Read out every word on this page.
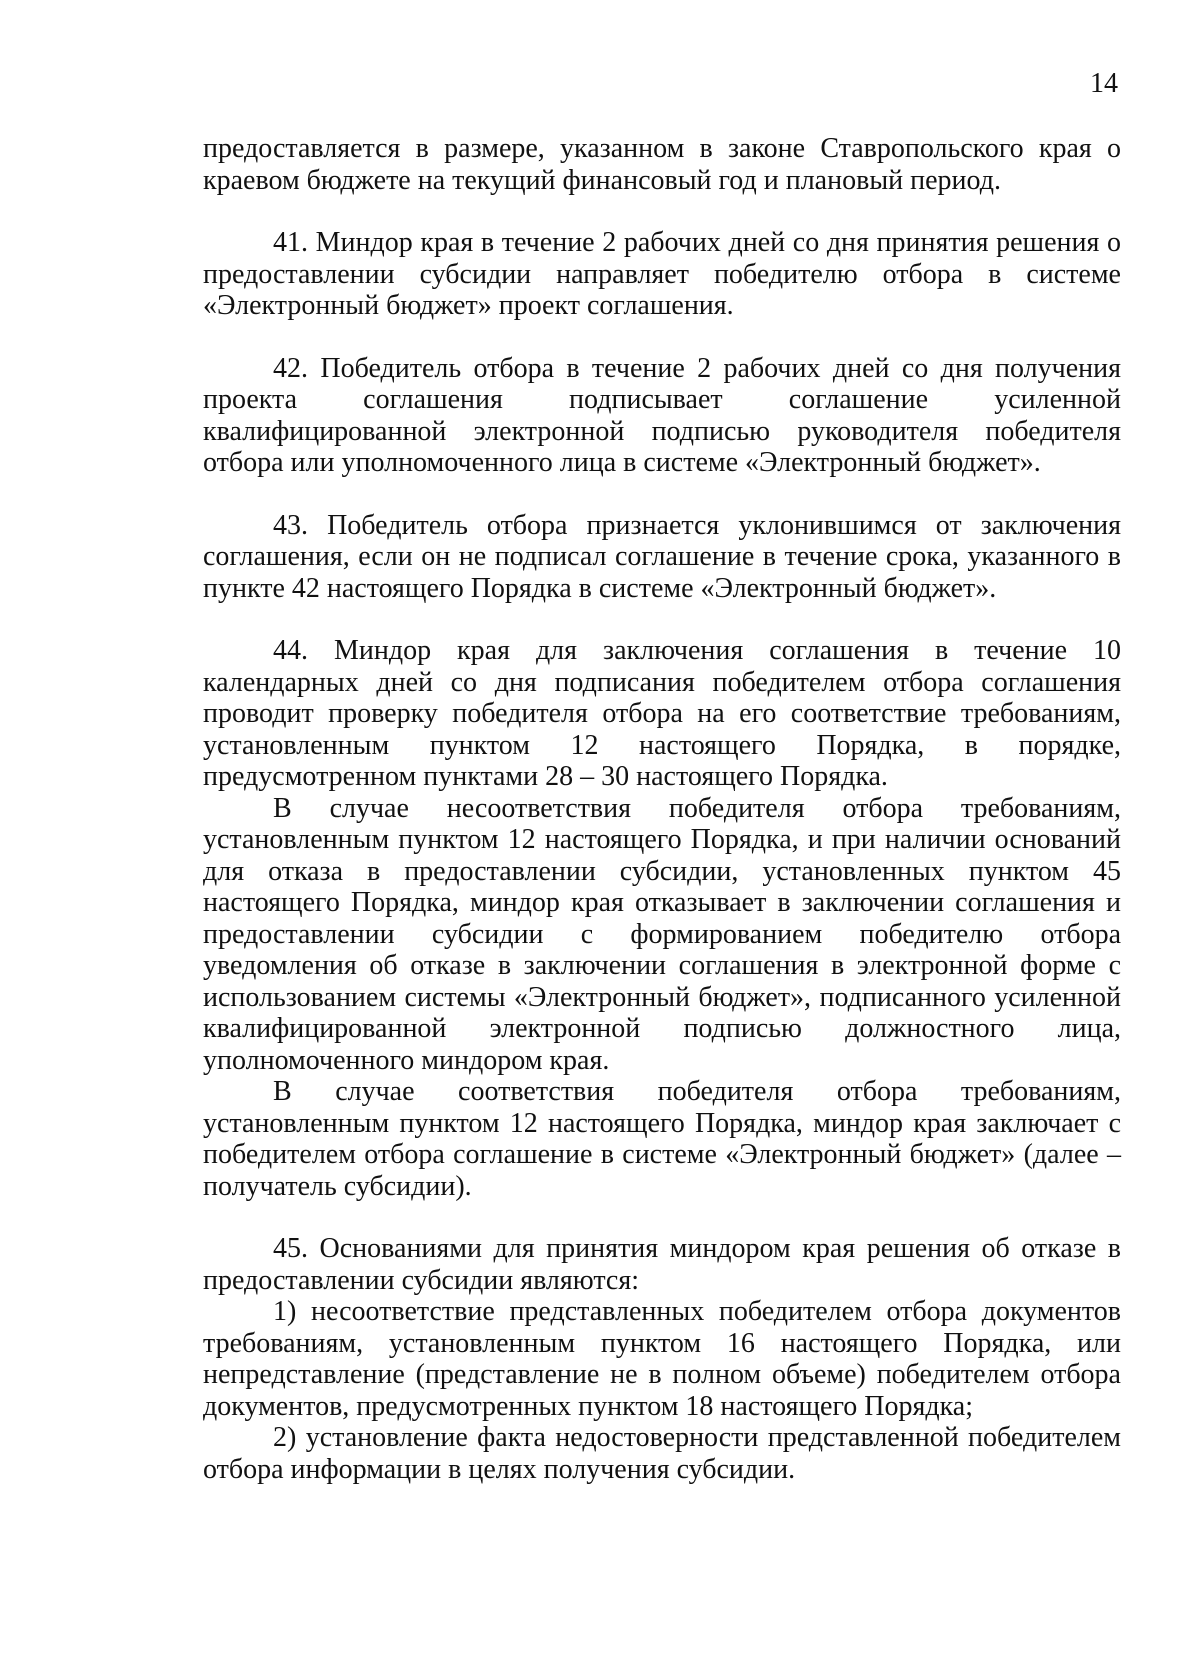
14

предоставляется в размере, указанном в законе Ставропольского края о краевом бюджете на текущий финансовый год и плановый период.

41. Миндор края в течение 2 рабочих дней со дня принятия решения о предоставлении субсидии направляет победителю отбора в системе «Электронный бюджет» проект соглашения.

42. Победитель отбора в течение 2 рабочих дней со дня получения проекта соглашения подписывает соглашение усиленной квалифицированной электронной подписью руководителя победителя отбора или уполномоченного лица в системе «Электронный бюджет».

43. Победитель отбора признается уклонившимся от заключения соглашения, если он не подписал соглашение в течение срока, указанного в пункте 42 настоящего Порядка в системе «Электронный бюджет».

44. Миндор края для заключения соглашения в течение 10 календарных дней со дня подписания победителем отбора соглашения проводит проверку победителя отбора на его соответствие требованиям, установленным пунктом 12 настоящего Порядка, в порядке, предусмотренном пунктами 28 – 30 настоящего Порядка.

В случае несоответствия победителя отбора требованиям, установленным пунктом 12 настоящего Порядка, и при наличии оснований для отказа в предоставлении субсидии, установленных пунктом 45 настоящего Порядка, миндор края отказывает в заключении соглашения и предоставлении субсидии с формированием победителю отбора уведомления об отказе в заключении соглашения в электронной форме с использованием системы «Электронный бюджет», подписанного усиленной квалифицированной электронной подписью должностного лица, уполномоченного миндором края.

В случае соответствия победителя отбора требованиям, установленным пунктом 12 настоящего Порядка, миндор края заключает с победителем отбора соглашение в системе «Электронный бюджет» (далее – получатель субсидии).

45. Основаниями для принятия миндором края решения об отказе в предоставлении субсидии являются:

1) несоответствие представленных победителем отбора документов требованиям, установленным пунктом 16 настоящего Порядка, или непредставление (представление не в полном объеме) победителем отбора документов, предусмотренных пунктом 18 настоящего Порядка;

2) установление факта недостоверности представленной победителем отбора информации в целях получения субсидии.
